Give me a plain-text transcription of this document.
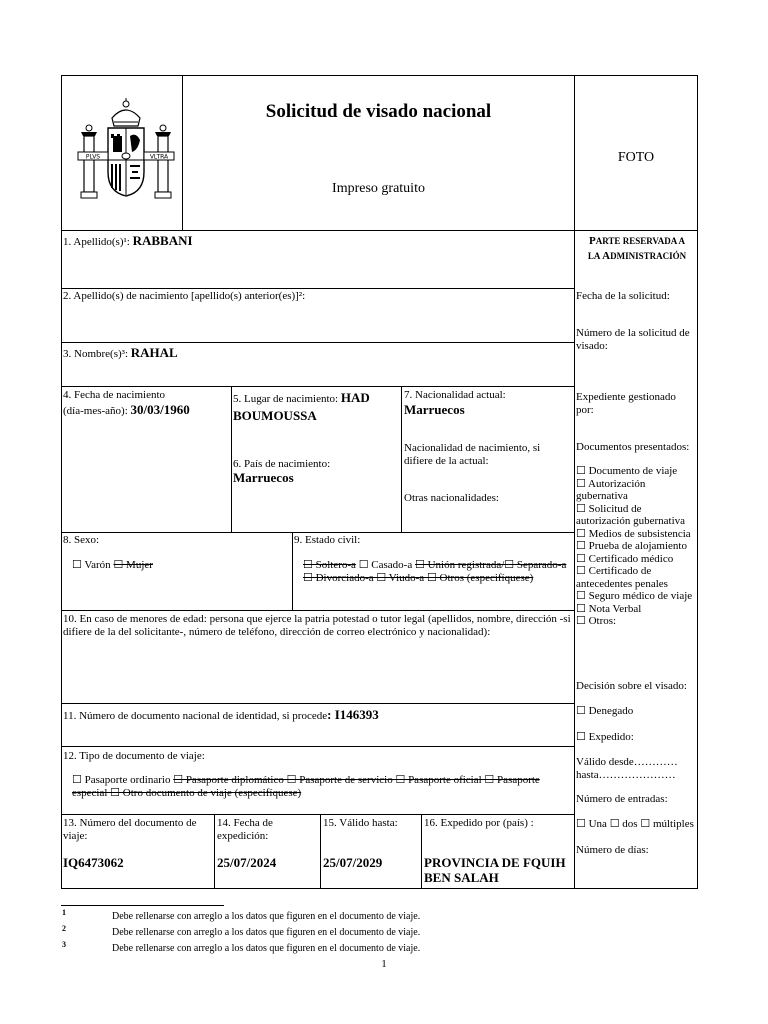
PLVS	VLTRA
Solicitud de visado nacional
Impreso gratuito
FOTO
1. Apellido(s)¹: RABBANI
2. Apellido(s) de nacimiento [apellido(s) anterior(es)]²:
3. Nombre(s)³: RAHAL
4. Fecha de nacimiento
(día-mes-año): 30/03/1960
5. Lugar de nacimiento: HAD
BOUMOUSSA
6. País de nacimiento:
Marruecos
7. Nacionalidad actual:
Marruecos
Nacionalidad de nacimiento, si difiere de la actual:
Otras nacionalidades:
8. Sexo:
☐ Varón ☐ Mujer
9. Estado civil:
☐ Soltero-a ☐ Casado-a ☐ Unión registrada/☐ Separado-a
☐ Divorciado-a ☐ Viudo-a ☐ Otros (especifíquese)
10. En caso de menores de edad: persona que ejerce la patria potestad o tutor legal (apellidos, nombre, dirección -si difiere de la del solicitante-, número de teléfono, dirección de correo electrónico y nacionalidad):
11. Número de documento nacional de identidad, si procede: I146393
12. Tipo de documento de viaje:
☐ Pasaporte ordinario ☐ Pasaporte diplomático ☐ Pasaporte de servicio ☐ Pasaporte oficial ☐ Pasaporte especial ☐ Otro documento de viaje (especifíquese)
13. Número del documento de viaje:
IQ6473062
14. Fecha de expedición:
25/07/2024
15. Válido hasta:
25/07/2029
16. Expedido por (país) :
PROVINCIA DE FQUIH BEN SALAH
PARTE RESERVADA A
LA ADMINISTRACIÓN
Fecha de la solicitud:
Número de la solicitud de visado:
Expediente gestionado por:
Documentos presentados:
☐ Documento de viaje
☐ Autorización gubernativa
☐ Solicitud de autorización gubernativa
☐ Medios de subsistencia
☐ Prueba de alojamiento
☐ Certificado médico
☐ Certificado de antecedentes penales
☐ Seguro médico de viaje
☐ Nota Verbal
☐ Otros:
Decisión sobre el visado:
☐ Denegado
☐ Expedido:
Válido desde…………
hasta…………………
Número de entradas:
☐ Una ☐ dos ☐ múltiples
Número de días:
1	Debe rellenarse con arreglo a los datos que figuren en el documento de viaje.
2	Debe rellenarse con arreglo a los datos que figuren en el documento de viaje.
3	Debe rellenarse con arreglo a los datos que figuren en el documento de viaje.
1
